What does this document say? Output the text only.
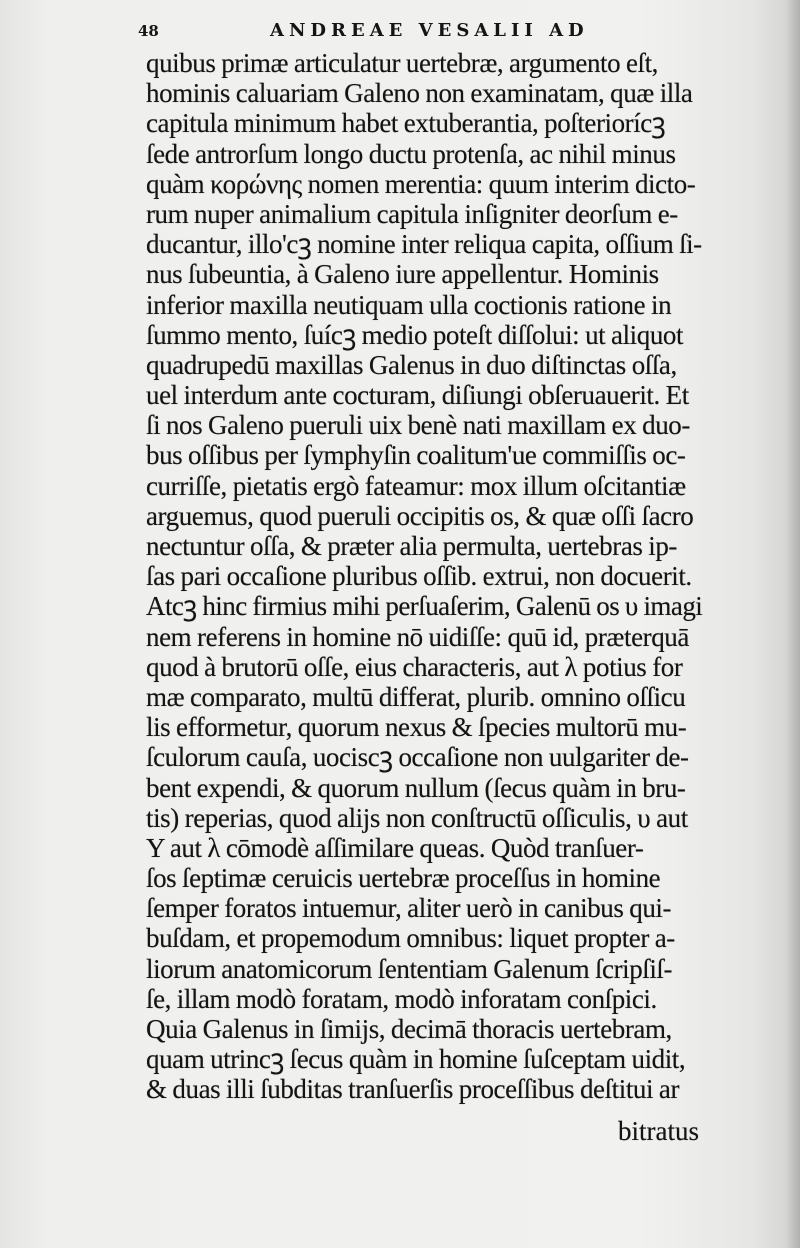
48	ANDREAE VESALII AD
quibus primæ articulatur uertebræ, argumento eſt,
hominis caluariam Galeno non examinatam, quæ illa
capitula minimum habet extuberantia, poſteriorícꝫ
ſede antrorſum longo ductu protenſa, ac nihil minus
quàm κορώνης nomen merentia: quum interim dicto-
rum nuper animalium capitula inſigniter deorſum e-
ducantur, illo'cꝫ nomine inter reliqua capita, oſſium ſi-
nus ſubeuntia, à Galeno iure appellentur. Hominis
inferior maxilla neutiquam ulla coctionis ratione in
ſummo mento, ſuícꝫ medio poteſt diſſolui: ut aliquot
quadrupedū maxillas Galenus in duo diſtinctas oſſa,
uel interdum ante cocturam, diſiungi obſeruauerit. Et
ſi nos Galeno pueruli uix benè nati maxillam ex duo-
bus oſſibus per ſymphyſin coalitum'ue commiſſis oc-
curriſſe, pietatis ergò fateamur: mox illum oſcitantiæ
arguemus, quod pueruli occipitis os, & quæ oſſi ſacro
nectuntur oſſa, & præter alia permulta, uertebras ip-
ſas pari occaſione pluribus oſſib. extrui, non docuerit.
Atcꝫ hinc firmius mihi perſuaſerim, Galenū os υ imagi
nem referens in homine nō uidiſſe: quū id, præterquā
quod à brutorū oſſe, eius characteris, aut λ potius for
mæ comparato, multū differat, plurib. omnino oſſicu
lis efformetur, quorum nexus & ſpecies multorū mu-
ſculorum cauſa, uociscꝫ occaſione non uulgariter de-
bent expendi, & quorum nullum (ſecus quàm in bru-
tis) reperias, quod alijs non conſtructū oſſiculis, υ aut
Y aut λ cōmodè aſſimilare queas. Quòd tranſuer-
ſos ſeptimæ ceruicis uertebræ proceſſus in homine
ſemper foratos intuemur, aliter uerò in canibus qui-
buſdam, et propemodum omnibus: liquet propter a-
liorum anatomicorum ſententiam Galenum ſcripſiſ-
ſe, illam modò foratam, modò inforatam conſpici.
Quia Galenus in ſimijs, decimā thoracis uertebram,
quam utrincꝫ ſecus quàm in homine ſuſceptam uidit,
& duas illi ſubditas tranſuerſis proceſſibus deſtitui ar
bitratus
